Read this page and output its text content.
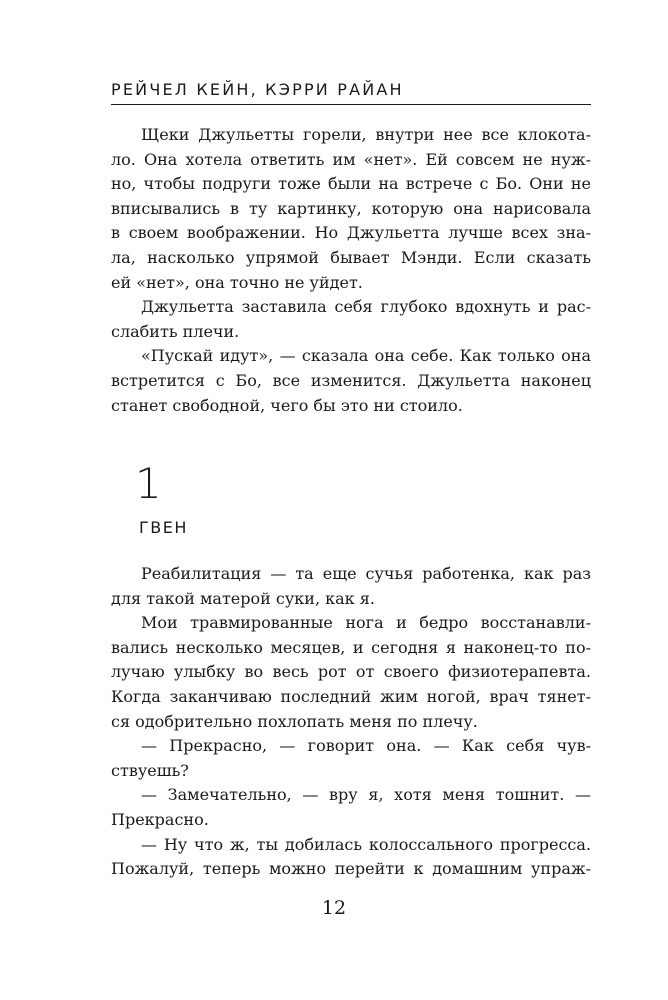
РЕЙЧЕЛ КЕЙН, КЭРРИ РАЙАН
Щеки Джульетты горели, внутри нее все клокота-
ло. Она хотела ответить им «нет». Ей совсем не нуж-
но, чтобы подруги тоже были на встрече с Бо. Они не
вписывались в ту картинку, которую она нарисовала
в своем воображении. Но Джульетта лучше всех зна-
ла, насколько упрямой бывает Мэнди. Если сказать
ей «нет», она точно не уйдет.
Джульетта заставила себя глубоко вдохнуть и рас-
слабить плечи.
«Пускай идут», — сказала она себе. Как только она
встретится с Бо, все изменится. Джульетта наконец
станет свободной, чего бы это ни стоило.
1
ГВЕН
Реабилитация — та еще сучья работенка, как раз
для такой матерой суки, как я.
Мои травмированные нога и бедро восстанавли-
вались несколько месяцев, и сегодня я наконец-то по-
лучаю улыбку во весь рот от своего физиотерапевта.
Когда заканчиваю последний жим ногой, врач тянет-
ся одобрительно похлопать меня по плечу.
— Прекрасно, — говорит она. — Как себя чув-
ствуешь?
— Замечательно, — вру я, хотя меня тошнит. —
Прекрасно.
— Ну что ж, ты добилась колоссального прогресса.
Пожалуй, теперь можно перейти к домашним упраж-
12
